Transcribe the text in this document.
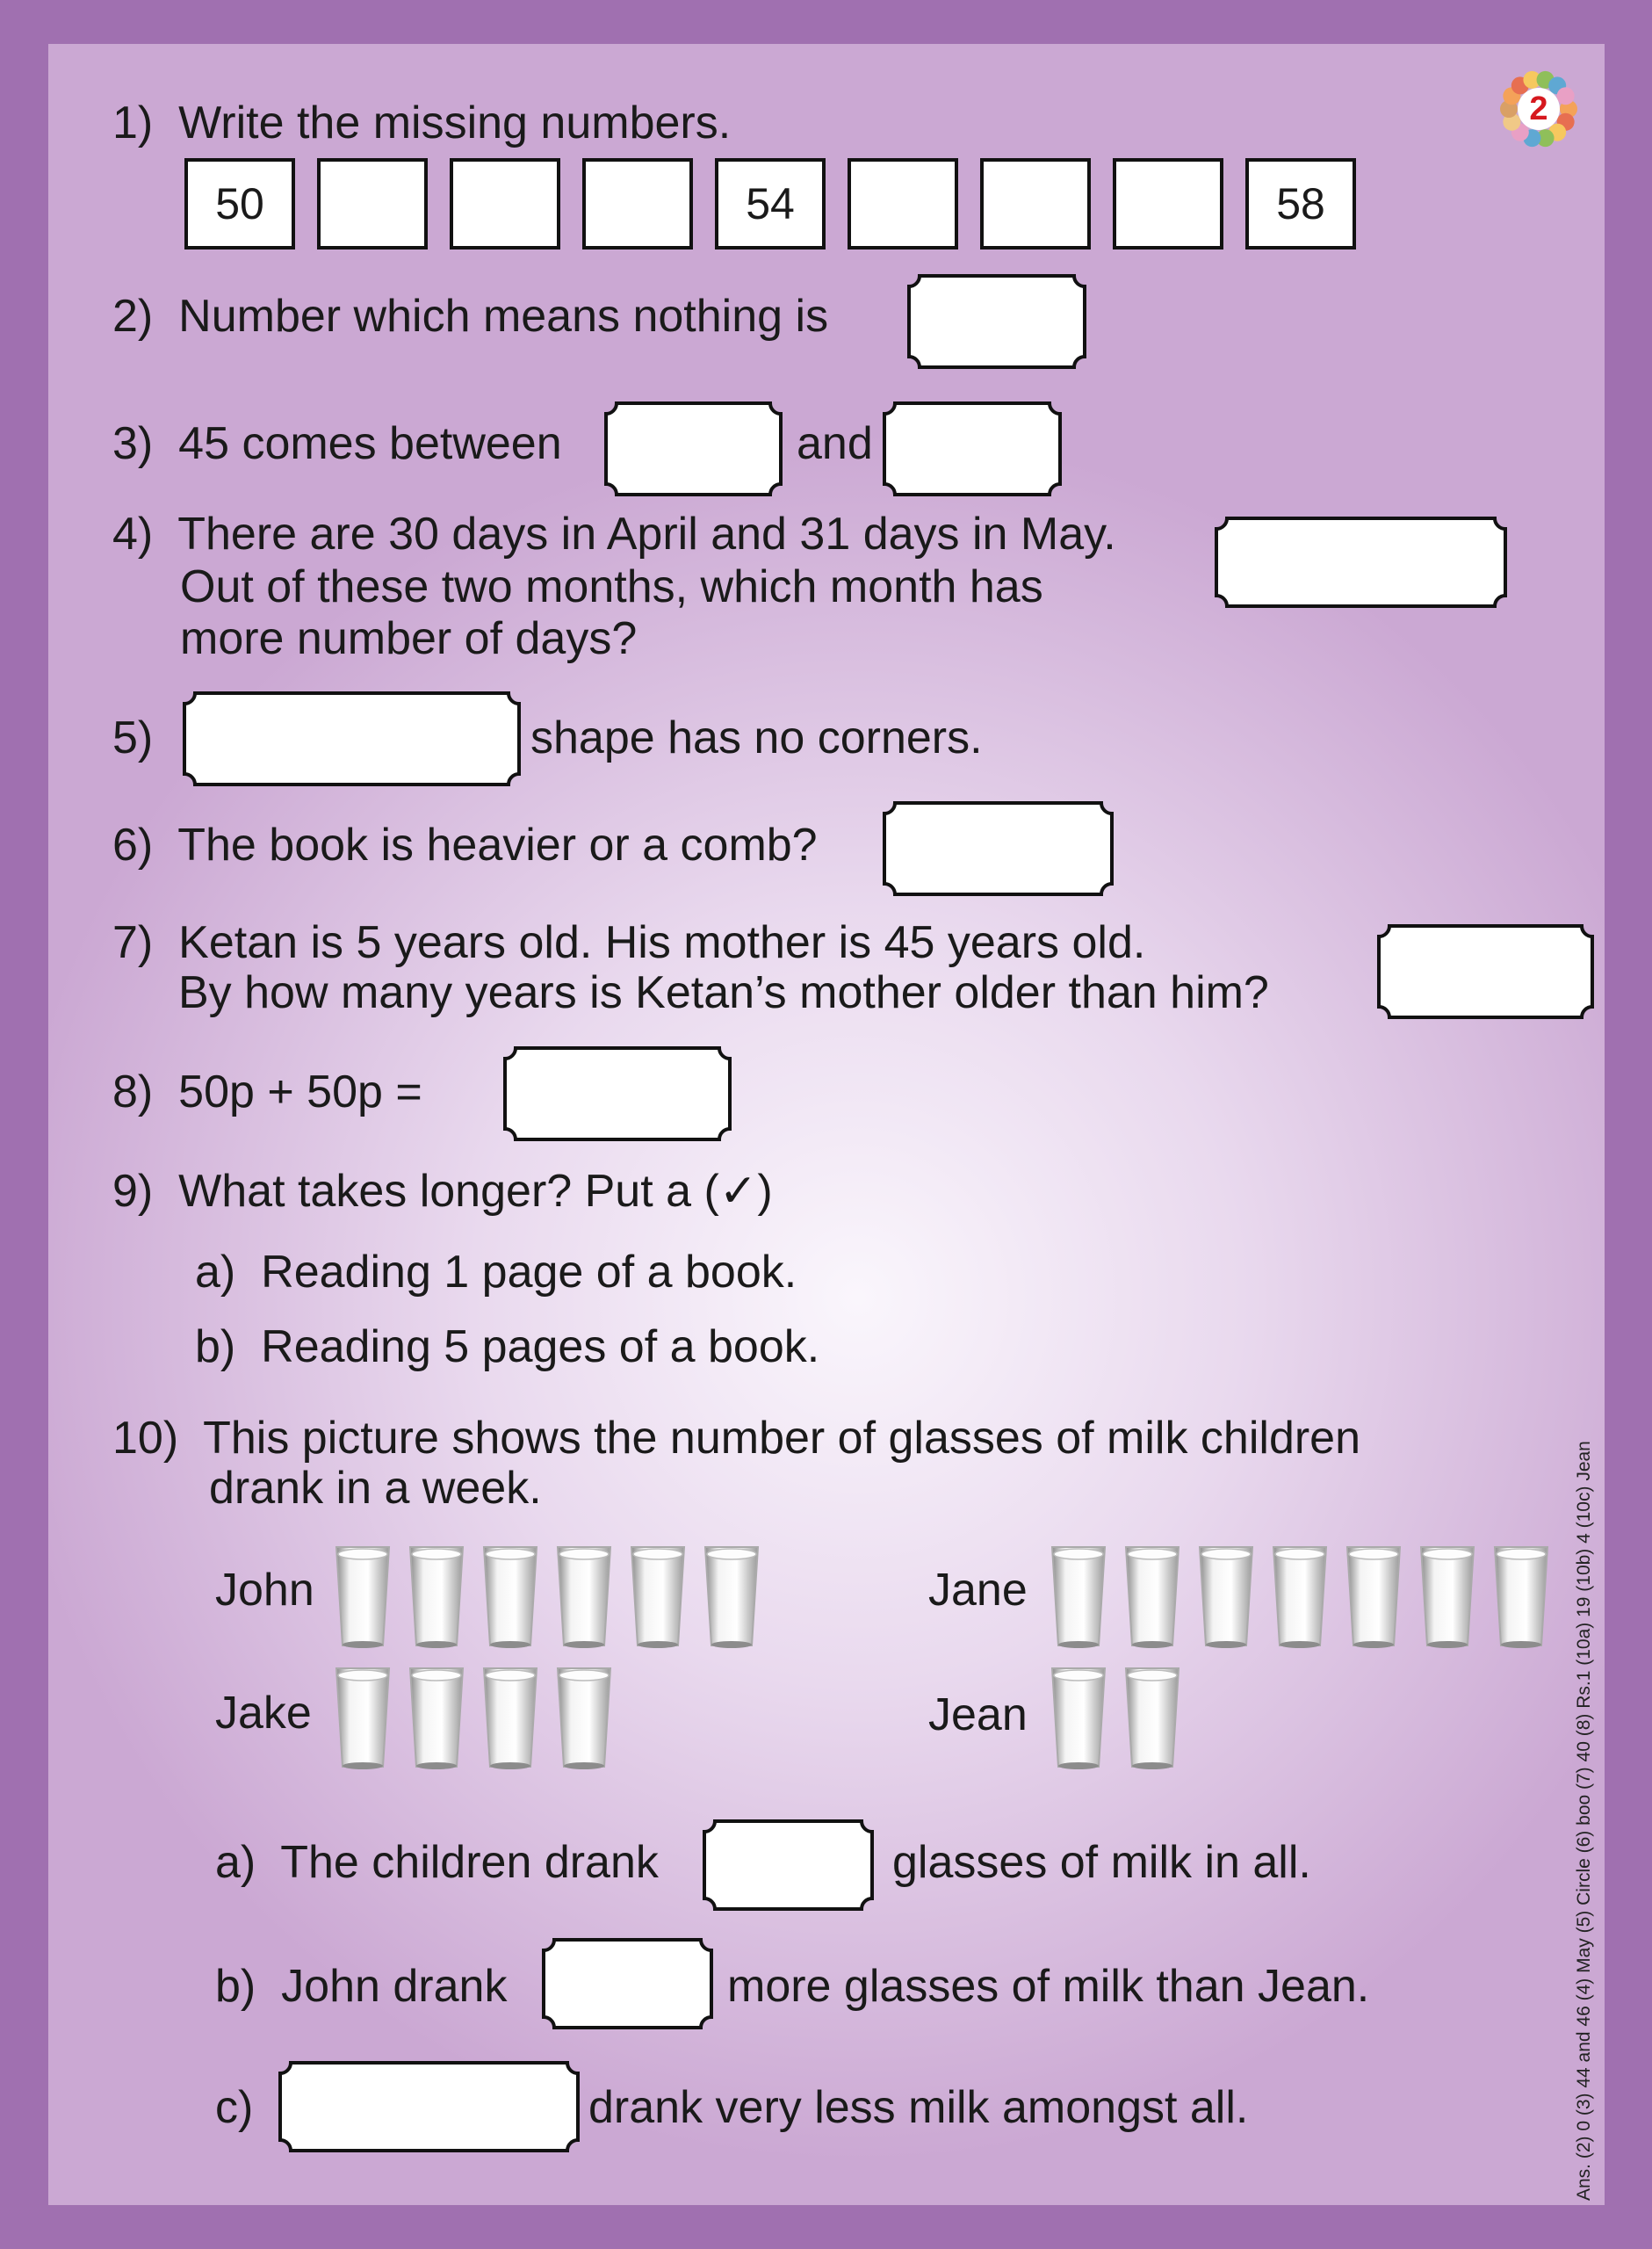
2
1) Write the missing numbers.
50	54	58
2) Number which means nothing is
3) 45 comes between	and
4) There are 30 days in April and 31 days in May.
Out of these two months, which month has
more number of days?
5)	shape has no corners.
6) The book is heavier or a comb?
7) Ketan is 5 years old. His mother is 45 years old.
By how many years is Ketan’s mother older than him?
8) 50p + 50p =
9) What takes longer? Put a (✓)
a) Reading 1 page of a book.
b) Reading 5 pages of a book.
10) This picture shows the number of glasses of milk children
drank in a week.
John	Jane
Jake	Jean
a) The children drank	glasses of milk in all.
b) John drank	more glasses of milk than Jean.
c)	drank very less milk amongst all.	Ans. (2) 0 (3) 44 and 46 (4) May (5) Circle (6) boo (7) 40 (8) Rs.1 (10a) 19 (10b) 4 (10c) Jean
